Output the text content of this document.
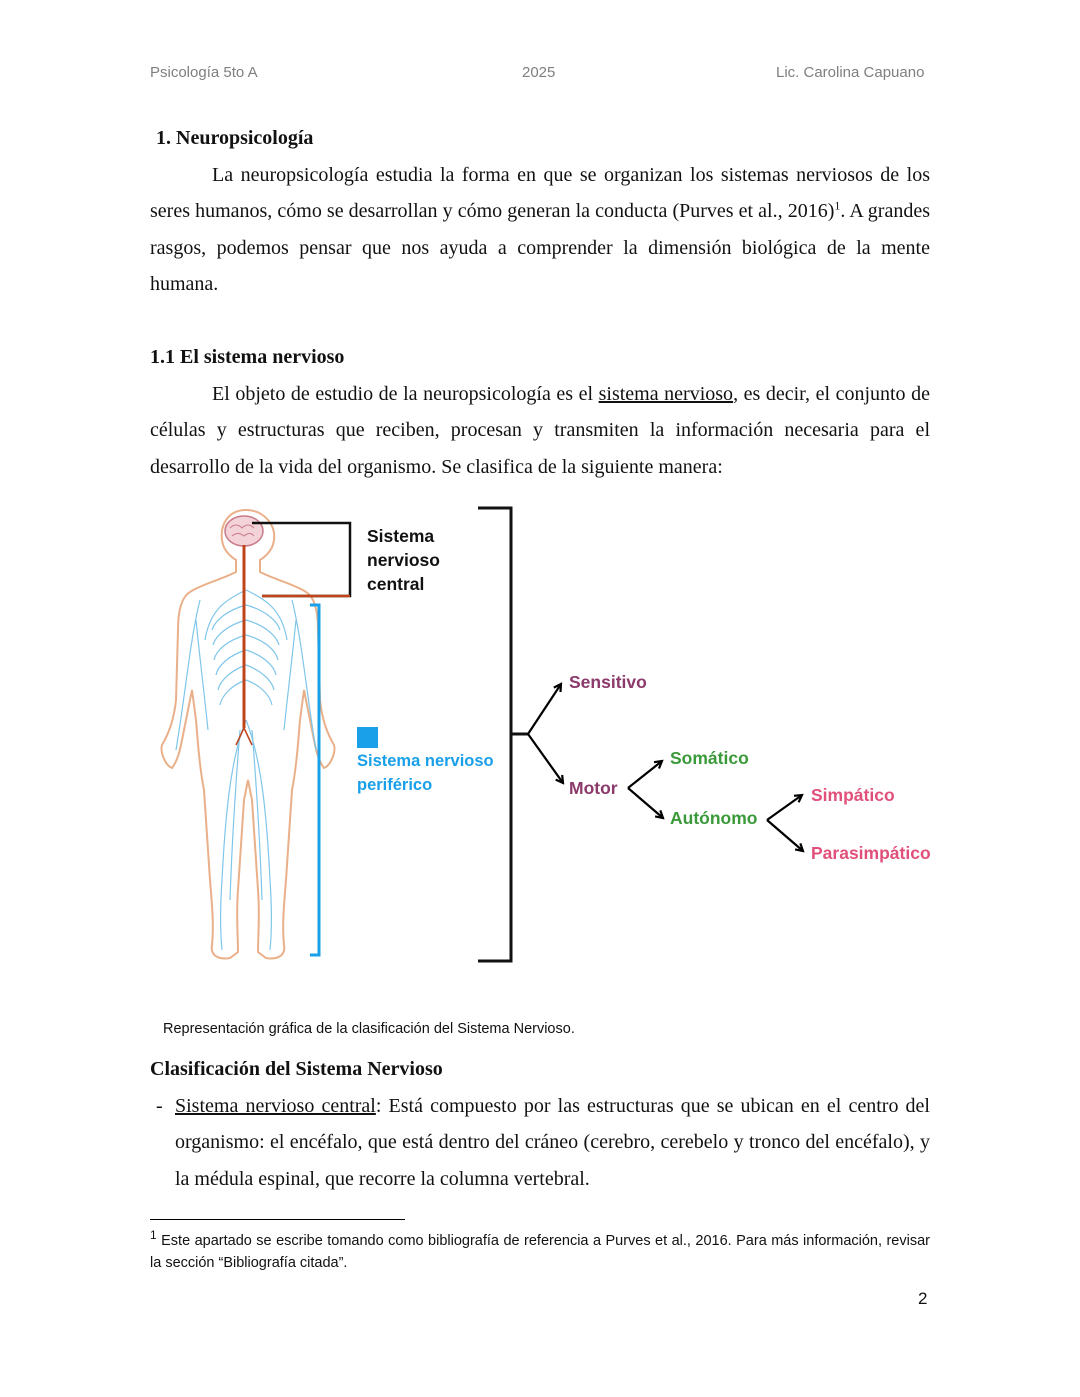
Psicología 5to A	2025	Lic. Carolina Capuano
1. Neuropsicología
La neuropsicología estudia la forma en que se organizan los sistemas nerviosos de los seres humanos, cómo se desarrollan y cómo generan la conducta (Purves et al., 2016)$^1$. A grandes rasgos, podemos pensar que nos ayuda a comprender la dimensión biológica de la mente humana.
1.1 El sistema nervioso
El objeto de estudio de la neuropsicología es el sistema nervioso, es decir, el conjunto de células y estructuras que reciben, procesan y transmiten la información necesaria para el desarrollo de la vida del organismo. Se clasifica de la siguiente manera:
Sistema
nervioso
central
Sistema nervioso
periférico
Sensitivo
Motor
Somático
Autónomo
Simpático
Parasimpático
Representación gráfica de la clasificación del Sistema Nervioso.
Clasificación del Sistema Nervioso
- Sistema nervioso central: Está compuesto por las estructuras que se ubican en el centro del organismo: el encéfalo, que está dentro del cráneo (cerebro, cerebelo y tronco del encéfalo), y la médula espinal, que recorre la columna vertebral.
$^1$ Este apartado se escribe tomando como bibliografía de referencia a Purves et al., 2016. Para más información, revisar la sección “Bibliografía citada”.
2
